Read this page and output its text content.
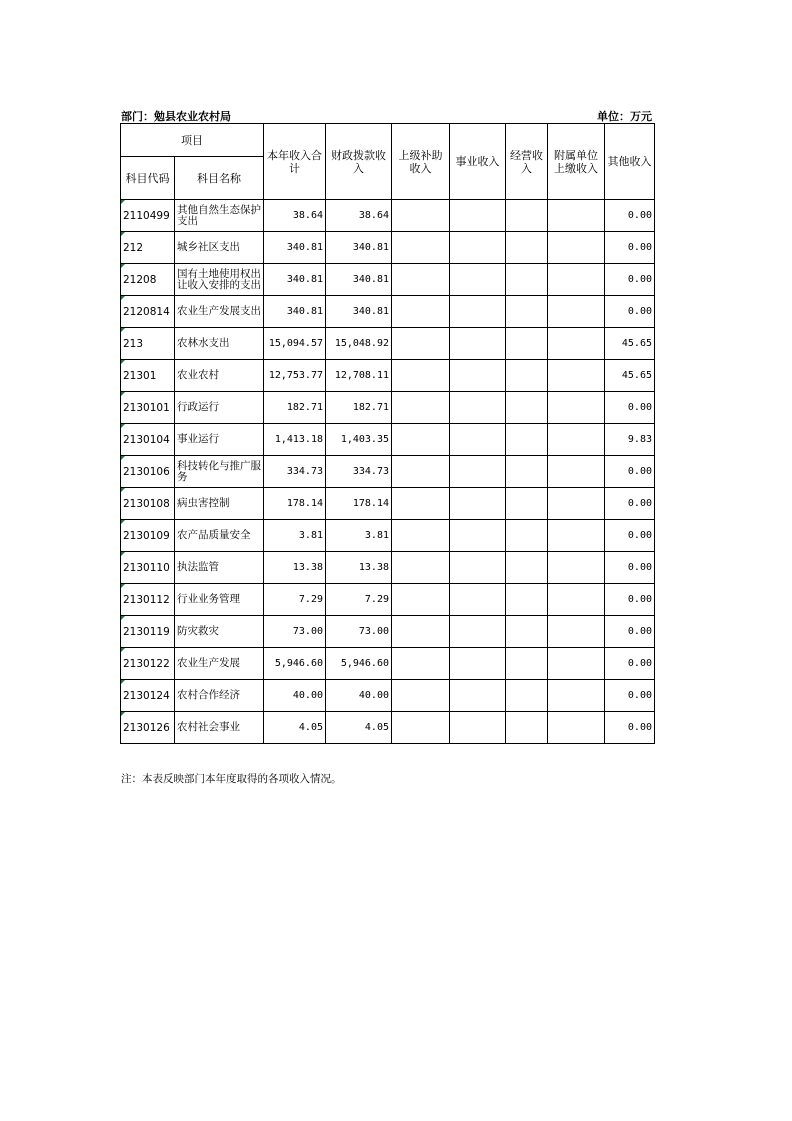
部门：勉县农业农村局	单位：万元
项目		本年收入合计	财政拨款收入	上级补助收入	事业收入	经营收入	附属单位上缴收入	其他收入
科目代码	科目名称							
2110499	其他自然生态保护支出	38.64	38.64					0.00
212	城乡社区支出	340.81	340.81					0.00
21208	国有土地使用权出让收入安排的支出	340.81	340.81					0.00
2120814	农业生产发展支出	340.81	340.81					0.00
213	农林水支出	15,094.57	15,048.92					45.65
21301	农业农村	12,753.77	12,708.11					45.65
2130101	行政运行	182.71	182.71					0.00
2130104	事业运行	1,413.18	1,403.35					9.83
2130106	科技转化与推广服务	334.73	334.73					0.00
2130108	病虫害控制	178.14	178.14					0.00
2130109	农产品质量安全	3.81	3.81					0.00
2130110	执法监管	13.38	13.38					0.00
2130112	行业业务管理	7.29	7.29					0.00
2130119	防灾救灾	73.00	73.00					0.00
2130122	农业生产发展	5,946.60	5,946.60					0.00
2130124	农村合作经济	40.00	40.00					0.00
2130126	农村社会事业	4.05	4.05					0.00
注：本表反映部门本年度取得的各项收入情况。
